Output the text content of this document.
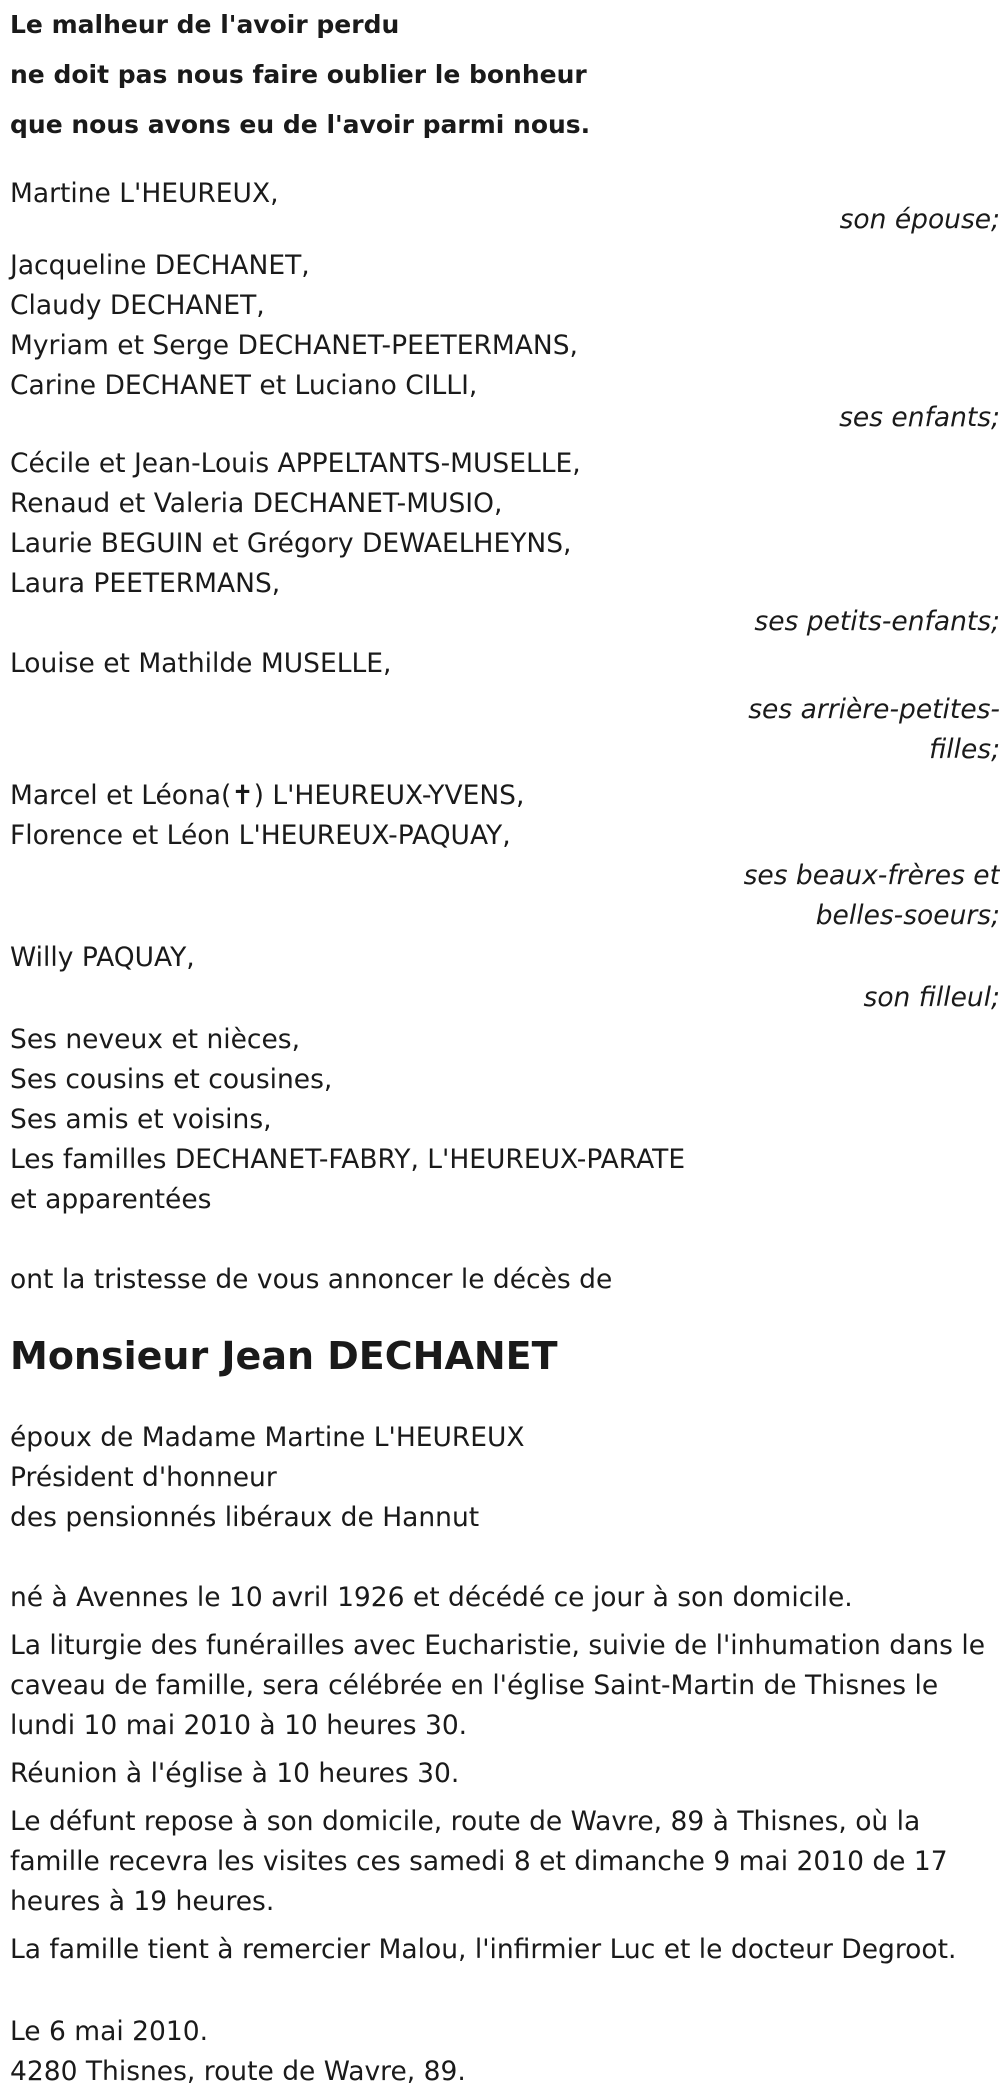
Le malheur de l'avoir perdu
ne doit pas nous faire oublier le bonheur
que nous avons eu de l'avoir parmi nous.
Martine L'HEUREUX,
son épouse;
Jacqueline DECHANET,
Claudy DECHANET,
Myriam et Serge DECHANET-PEETERMANS,
Carine DECHANET et Luciano CILLI,
ses enfants;
Cécile et Jean-Louis APPELTANTS-MUSELLE,
Renaud et Valeria DECHANET-MUSIO,
Laurie BEGUIN et Grégory DEWAELHEYNS,
Laura PEETERMANS,
ses petits-enfants;
Louise et Mathilde MUSELLE,
ses arrière-petites-
filles;
Marcel et Léona(✝) L'HEUREUX-YVENS,
Florence et Léon L'HEUREUX-PAQUAY,
ses beaux-frères et
belles-soeurs;
Willy PAQUAY,
son filleul;
Ses neveux et nièces,
Ses cousins et cousines,
Ses amis et voisins,
Les familles DECHANET-FABRY, L'HEUREUX-PARATE
et apparentées
ont la tristesse de vous annoncer le décès de
Monsieur Jean DECHANET
époux de Madame Martine L'HEUREUX
Président d'honneur
des pensionnés libéraux de Hannut
né à Avennes le 10 avril 1926 et décédé ce jour à son domicile.
La liturgie des funérailles avec Eucharistie, suivie de l'inhumation dans le caveau de famille, sera célébrée en l'église Saint-Martin de Thisnes le lundi 10 mai 2010 à 10 heures 30.
Réunion à l'église à 10 heures 30.
Le défunt repose à son domicile, route de Wavre, 89 à Thisnes, où la famille recevra les visites ces samedi 8 et dimanche 9 mai 2010 de 17 heures à 19 heures.
La famille tient à remercier Malou, l'infirmier Luc et le docteur Degroot.
Le 6 mai 2010.
4280 Thisnes, route de Wavre, 89.
